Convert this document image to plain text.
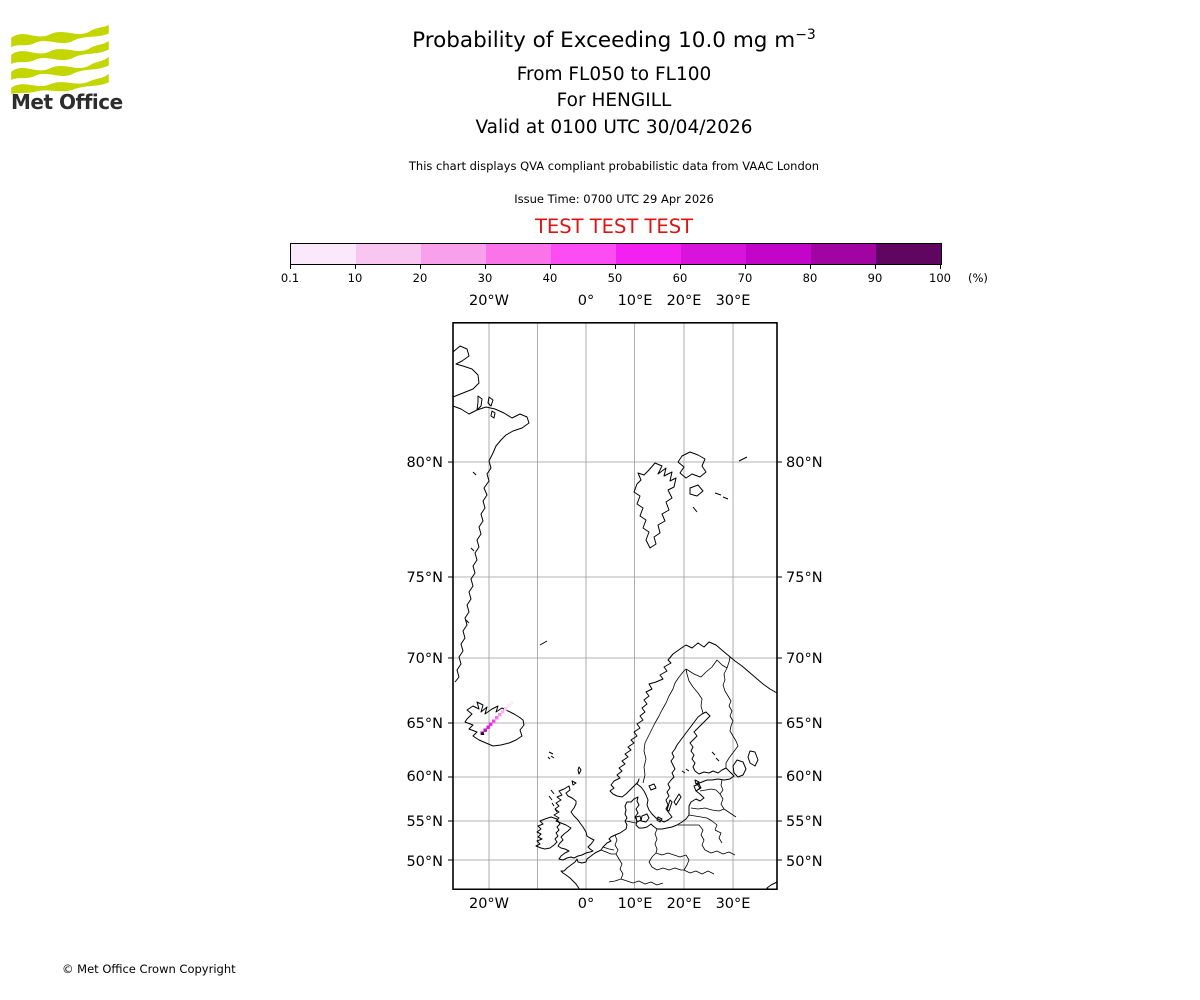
Met Office
Probability of Exceeding 10.0 mg $m^{-3}$
From FL050 to FL100
For HENGILL
Valid at 0100 UTC 30/04/2026
This chart displays QVA compliant probabilistic data from VAAC London
Issue Time: 0700 UTC 29 Apr 2026
TEST TEST TEST
0.1	10	20	30	40	50	60	70	80	90	100 (%)
20°W	0° 10°E 20°E 30°E
20°W	0° 10°E 20°E 30°E
80°N
75°N
70°N
65°N
60°N
55°N
50°N
80°N
75°N
70°N
65°N
60°N
55°N
50°N
© Met Office Crown Copyright
